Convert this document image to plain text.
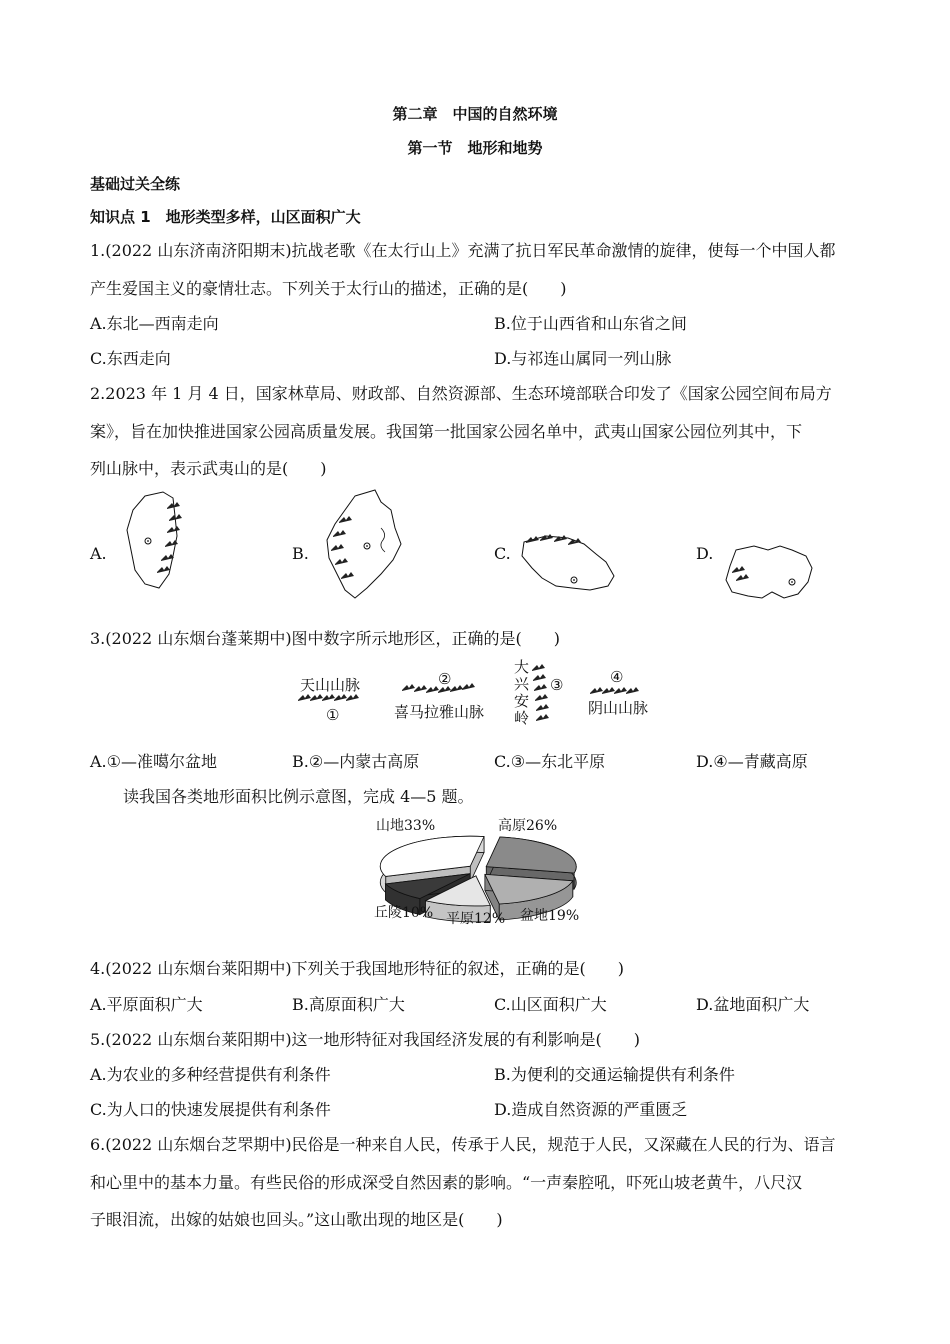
第二章　中国的自然环境
第一节　地形和地势
基础过关全练
知识点 1　地形类型多样，山区面积广大
1.(2022 山东济南济阳期末)抗战老歌《在太行山上》充满了抗日军民革命激情的旋律，使每一个中国人都
产生爱国主义的豪情壮志。下列关于太行山的描述，正确的是(　　)
A.东北—西南走向	B.位于山西省和山东省之间
C.东西走向	D.与祁连山属同一列山脉
2.2023 年 1 月 4 日，国家林草局、财政部、自然资源部、生态环境部联合印发了《国家公园空间布局方
案》，旨在加快推进国家公园高质量发展。我国第一批国家公园名单中，武夷山国家公园位列其中，下
列山脉中，表示武夷山的是(　　)
A.	B.	C.	D.
3.(2022 山东烟台蓬莱期中)图中数字所示地形区，正确的是(　　)
天山山脉
①
②
喜马拉雅山脉
大
兴
安
岭
③	④
阴山山脉
A.①—准噶尔盆地	B.②—内蒙古高原	C.③—东北平原	D.④—青藏高原
读我国各类地形面积比例示意图，完成 4—5 题。
山地33%	高原26%
盆地19%
平原12%
丘陵10%
4.(2022 山东烟台莱阳期中)下列关于我国地形特征的叙述，正确的是(　　)
A.平原面积广大	B.高原面积广大	C.山区面积广大	D.盆地面积广大
5.(2022 山东烟台莱阳期中)这一地形特征对我国经济发展的有利影响是(　　)
A.为农业的多种经营提供有利条件	B.为便利的交通运输提供有利条件
C.为人口的快速发展提供有利条件	D.造成自然资源的严重匮乏
6.(2022 山东烟台芝罘期中)民俗是一种来自人民，传承于人民，规范于人民，又深藏在人民的行为、语言
和心里中的基本力量。有些民俗的形成深受自然因素的影响。“一声秦腔吼，吓死山坡老黄牛，八尺汉
子眼泪流，出嫁的姑娘也回头。”这山歌出现的地区是(　　)
